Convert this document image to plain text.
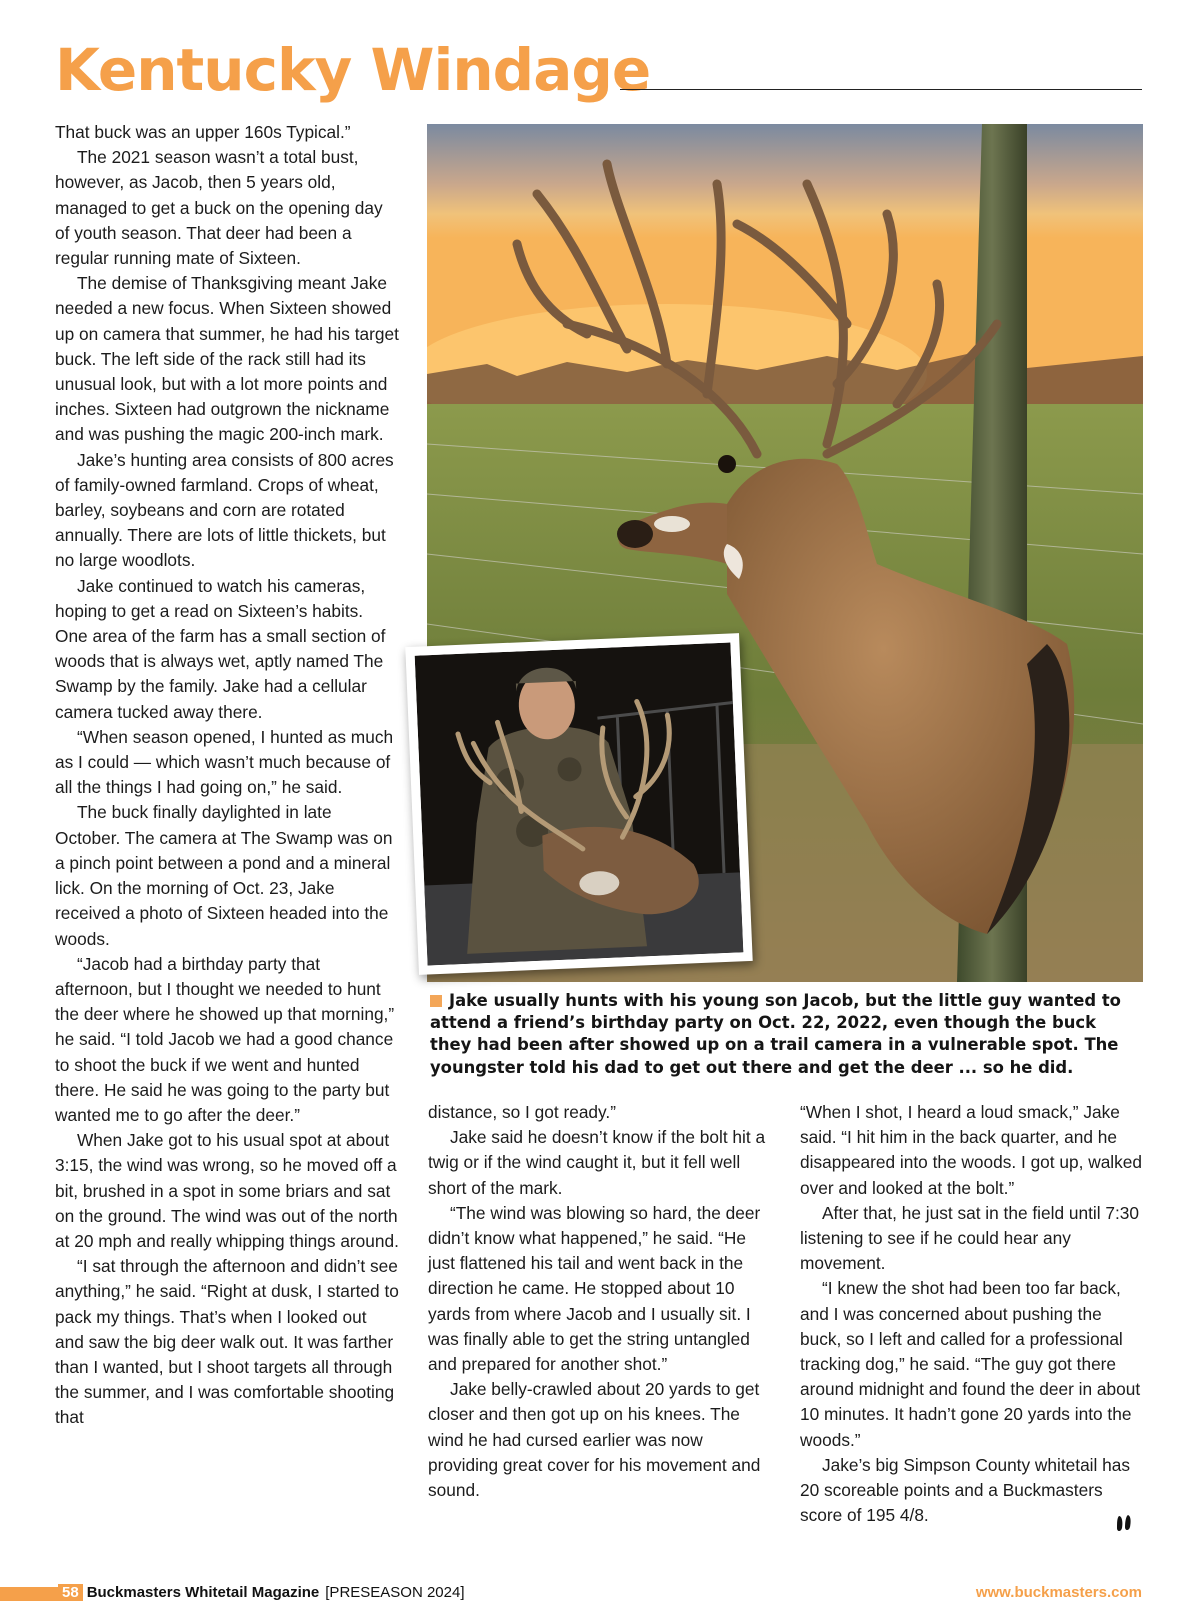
Kentucky Windage

That buck was an upper 160s Typical.”

The 2021 season wasn’t a total bust, however, as Jacob, then 5 years old, managed to get a buck on the opening day of youth season. That deer had been a regular running mate of Sixteen.

The demise of Thanksgiving meant Jake needed a new focus. When Sixteen showed up on camera that summer, he had his target buck. The left side of the rack still had its unusual look, but with a lot more points and inches. Sixteen had outgrown the nickname and was pushing the magic 200-inch mark.

Jake’s hunting area consists of 800 acres of family-owned farmland. Crops of wheat, barley, soybeans and corn are rotated annually. There are lots of little thickets, but no large woodlots.

Jake continued to watch his cameras, hoping to get a read on Sixteen’s habits. One area of the farm has a small section of woods that is always wet, aptly named The Swamp by the family. Jake had a cellular camera tucked away there.

“When season opened, I hunted as much as I could — which wasn’t much because of all the things I had going on,” he said.

The buck finally daylighted in late October. The camera at The Swamp was on a pinch point between a pond and a mineral lick. On the morning of Oct. 23, Jake received a photo of Sixteen headed into the woods.

“Jacob had a birthday party that afternoon, but I thought we needed to hunt the deer where he showed up that morning,” he said. “I told Jacob we had a good chance to shoot the buck if we went and hunted there. He said he was going to the party but wanted me to go after the deer.”

When Jake got to his usual spot at about 3:15, the wind was wrong, so he moved off a bit, brushed in a spot in some briars and sat on the ground. The wind was out of the north at 20 mph and really whipping things around.

“I sat through the afternoon and didn’t see anything,” he said. “Right at dusk, I started to pack my things. That’s when I looked out and saw the big deer walk out. It was farther than I wanted, but I shoot targets all through the summer, and I was comfortable shooting that

Jake usually hunts with his young son Jacob, but the little guy wanted to attend a friend’s birthday party on Oct. 22, 2022, even though the buck they had been after showed up on a trail camera in a vulnerable spot. The youngster told his dad to get out there and get the deer ... so he did.

distance, so I got ready.”

Jake said he doesn’t know if the bolt hit a twig or if the wind caught it, but it fell well short of the mark.

“The wind was blowing so hard, the deer didn’t know what happened,” he said. “He just flattened his tail and went back in the direction he came. He stopped about 10 yards from where Jacob and I usually sit. I was finally able to get the string untangled and prepared for another shot.”

Jake belly-crawled about 20 yards to get closer and then got up on his knees. The wind he had cursed earlier was now providing great cover for his movement and sound.

“When I shot, I heard a loud smack,” Jake said. “I hit him in the back quarter, and he disappeared into the woods. I got up, walked over and looked at the bolt.”

After that, he just sat in the field until 7:30 listening to see if he could hear any movement.

“I knew the shot had been too far back, and I was concerned about pushing the buck, so I left and called for a professional tracking dog,” he said. “The guy got there around midnight and found the deer in about 10 minutes. It hadn’t gone 20 yards into the woods.”

Jake’s big Simpson County whitetail has 20 scoreable points and a Buckmasters score of 195 4/8.

58 Buckmasters Whitetail Magazine [PRESEASON 2024]	www.buckmasters.com
